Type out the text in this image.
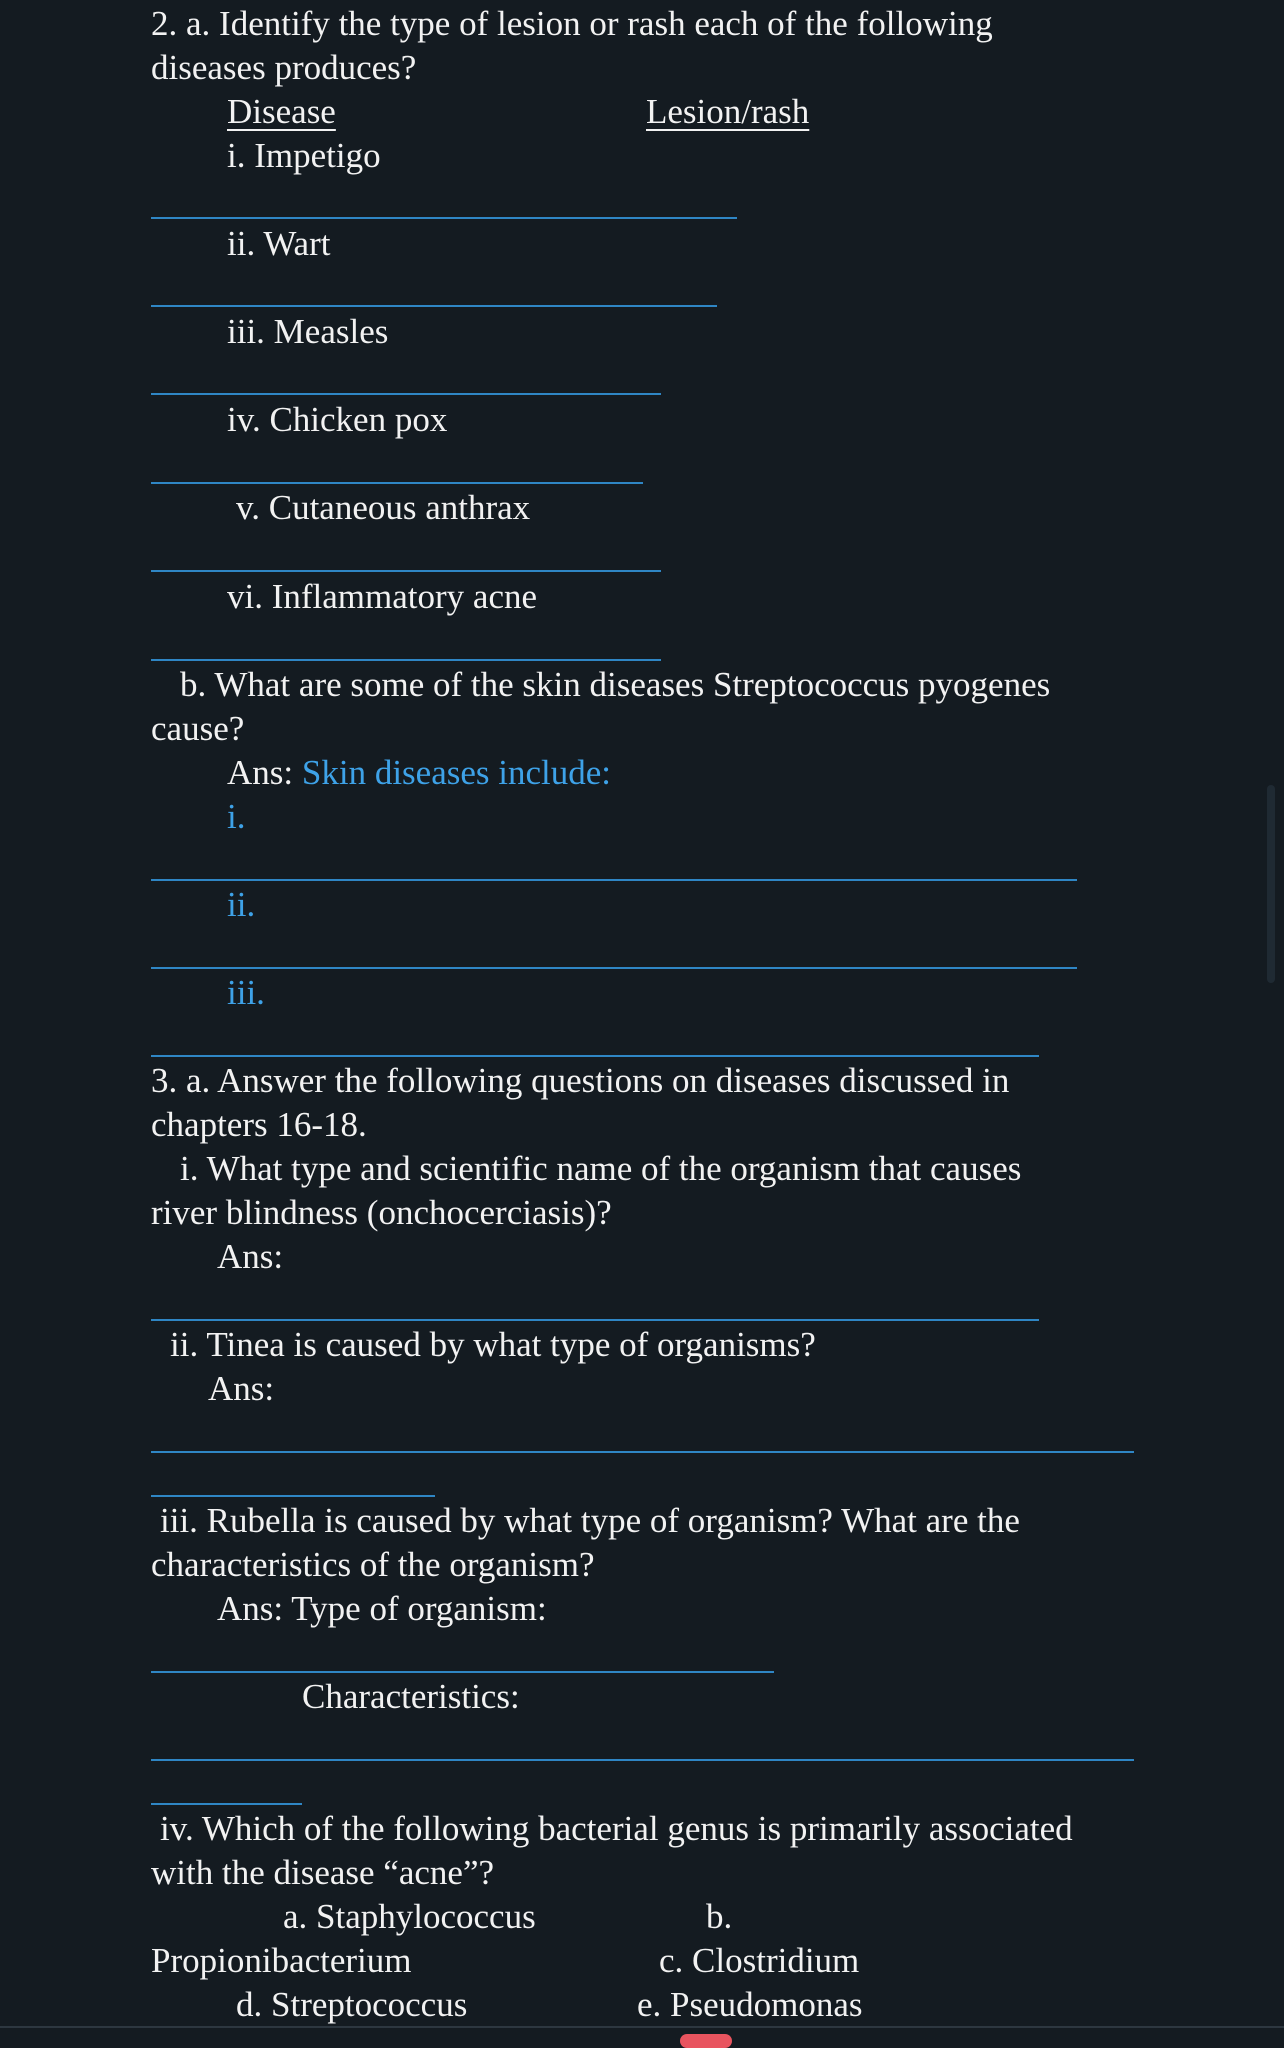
2. a. Identify the type of lesion or rash each of the following
diseases produces?
Disease	Lesion/rash
i. Impetigo
ii. Wart
iii. Measles
iv. Chicken pox
v. Cutaneous anthrax
vi. Inflammatory acne
b. What are some of the skin diseases Streptococcus pyogenes
cause?
Ans: Skin diseases include:
i.
ii.
iii.
3. a. Answer the following questions on diseases discussed in
chapters 16-18.
i. What type and scientific name of the organism that causes
river blindness (onchocerciasis)?
Ans:
ii. Tinea is caused by what type of organisms?
Ans:
iii. Rubella is caused by what type of organism? What are the
characteristics of the organism?
Ans: Type of organism:
Characteristics:
iv. Which of the following bacterial genus is primarily associated
with the disease “acne”?
a. Staphylococcus	b.
Propionibacterium	c. Clostridium
d. Streptococcus	e. Pseudomonas
